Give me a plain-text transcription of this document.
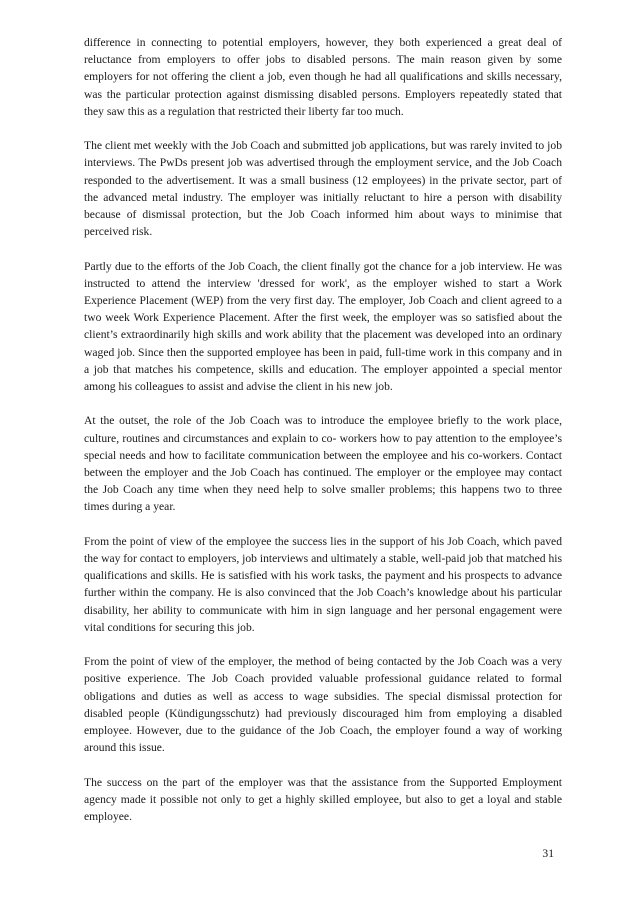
difference in connecting to potential employers, however, they both experienced a great deal of reluctance from employers to offer jobs to disabled persons. The main reason given by some employers for not offering the client a job, even though he had all qualifications and skills necessary, was the particular protection against dismissing disabled persons. Employers repeatedly stated that they saw this as a regulation that restricted their liberty far too much.

The client met weekly with the Job Coach and submitted job applications, but was rarely invited to job interviews. The PwDs present job was advertised through the employment service, and the Job Coach responded to the advertisement. It was a small business (12 employees) in the private sector, part of the advanced metal industry. The employer was initially reluctant to hire a person with disability because of dismissal protection, but the Job Coach informed him about ways to minimise that perceived risk.

Partly due to the efforts of the Job Coach, the client finally got the chance for a job interview. He was instructed to attend the interview 'dressed for work', as the employer wished to start a Work Experience Placement (WEP) from the very first day. The employer, Job Coach and client agreed to a two week Work Experience Placement. After the first week, the employer was so satisfied about the client’s extraordinarily high skills and work ability that the placement was developed into an ordinary waged job. Since then the supported employee has been in paid, full-time work in this company and in a job that matches his competence, skills and education. The employer appointed a special mentor among his colleagues to assist and advise the client in his new job.

At the outset, the role of the Job Coach was to introduce the employee briefly to the work place, culture, routines and circumstances and explain to co- workers how to pay attention to the employee’s special needs and how to facilitate communication between the employee and his co-workers. Contact between the employer and the Job Coach has continued. The employer or the employee may contact the Job Coach any time when they need help to solve smaller problems; this happens two to three times during a year.

From the point of view of the employee the success lies in the support of his Job Coach, which paved the way for contact to employers, job interviews and ultimately a stable, well-paid job that matched his qualifications and skills. He is satisfied with his work tasks, the payment and his prospects to advance further within the company. He is also convinced that the Job Coach’s knowledge about his particular disability, her ability to communicate with him in sign language and her personal engagement were vital conditions for securing this job.

From the point of view of the employer, the method of being contacted by the Job Coach was a very positive experience. The Job Coach provided valuable professional guidance related to formal obligations and duties as well as access to wage subsidies. The special dismissal protection for disabled people (Kündigungsschutz) had previously discouraged him from employing a disabled employee. However, due to the guidance of the Job Coach, the employer found a way of working around this issue.

The success on the part of the employer was that the assistance from the Supported Employment agency made it possible not only to get a highly skilled employee, but also to get a loyal and stable employee.

31
